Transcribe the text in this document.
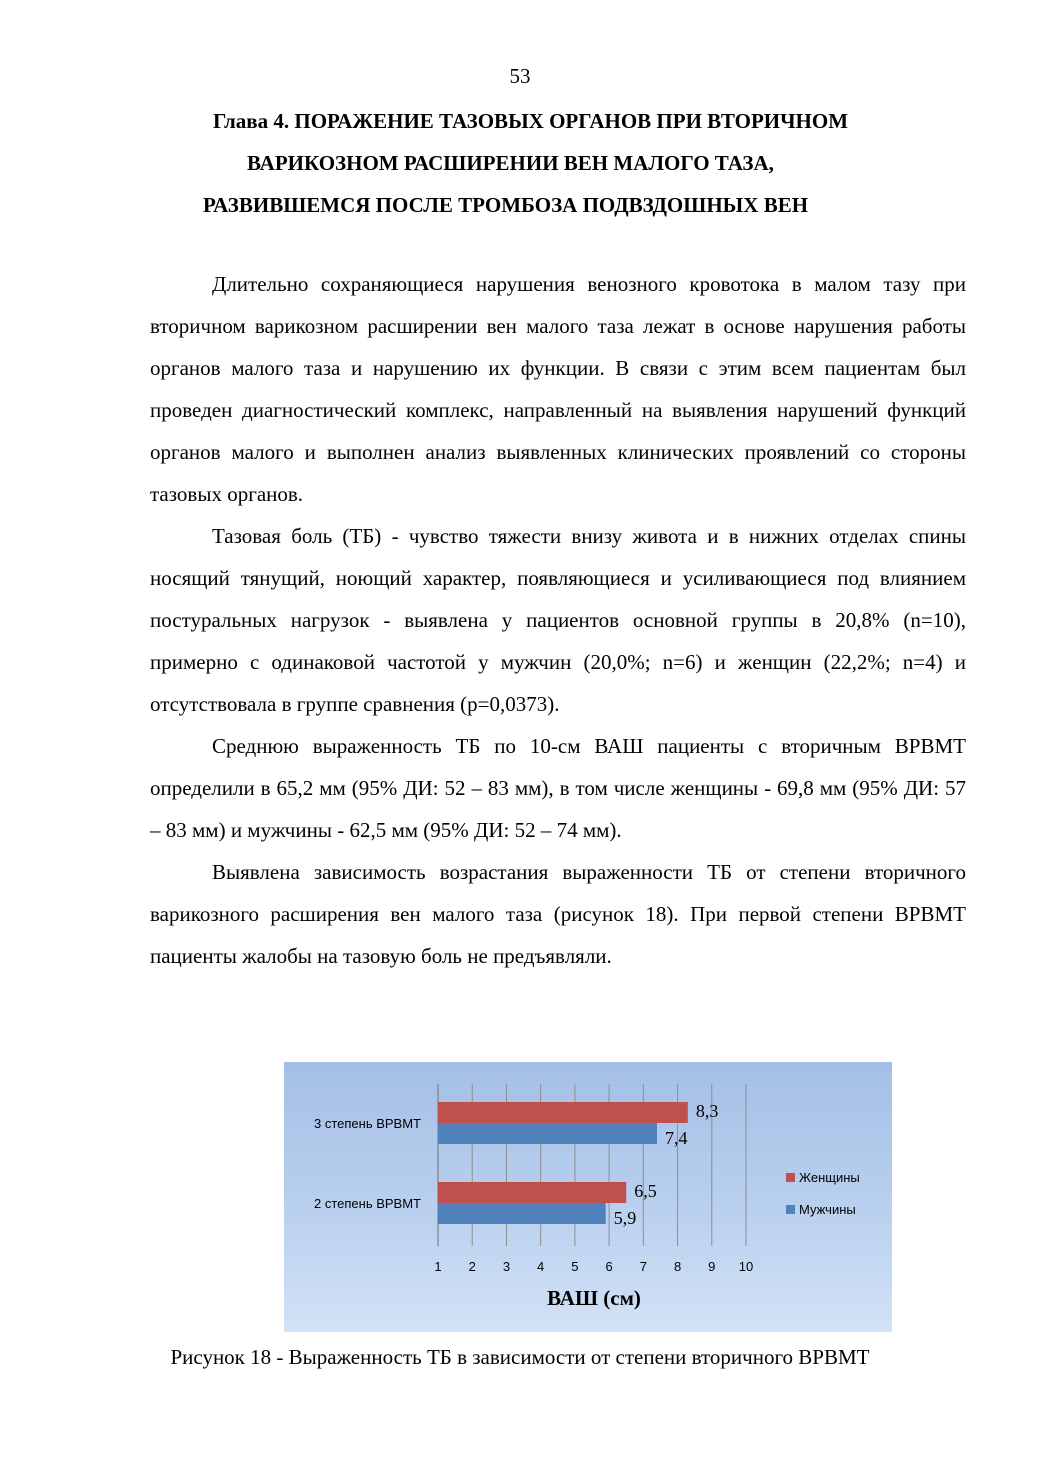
53

Глава 4. ПОРАЖЕНИЕ ТАЗОВЫХ ОРГАНОВ ПРИ ВТОРИЧНОМ
ВАРИКОЗНОМ РАСШИРЕНИИ ВЕН МАЛОГО ТАЗА,
РАЗВИВШЕМСЯ ПОСЛЕ ТРОМБОЗА ПОДВЗДОШНЫХ ВЕН

Длительно сохраняющиеся нарушения венозного кровотока в малом тазу при вторичном варикозном расширении вен малого таза лежат в основе нарушения работы органов малого таза и нарушению их функции. В связи с этим всем пациентам был проведен диагностический комплекс, направленный на выявления нарушений функций органов малого и выполнен анализ выявленных клинических проявлений со стороны тазовых органов.

Тазовая боль (ТБ) - чувство тяжести внизу живота и в нижних отделах спины носящий тянущий, ноющий характер, появляющиеся и усиливающиеся под влиянием постуральных нагрузок - выявлена у пациентов основной группы в 20,8% (n=10), примерно с одинаковой частотой у мужчин (20,0%; n=6) и женщин (22,2%; n=4) и отсутствовала в группе сравнения (р=0,0373).

Среднюю выраженность ТБ по 10-см ВАШ пациенты с вторичным ВРВМТ определили в 65,2 мм (95% ДИ: 52 – 83 мм), в том числе женщины - 69,8 мм (95% ДИ: 57 – 83 мм) и мужчины - 62,5 мм (95% ДИ: 52 – 74 мм).

Выявлена зависимость возрастания выраженности ТБ от степени вторичного варикозного расширения вен малого таза (рисунок 18). При первой степени ВРВМТ пациенты жалобы на тазовую боль не предъявляли.

8,3
7,4
6,5
5,9
3 степень ВРВМТ
2 степень ВРВМТ
1 2 3 4 5 6 7 8 9 10
Женщины
Мужчины
ВАШ (см)

Рисунок 18 - Выраженность ТБ в зависимости от степени вторичного ВРВМТ
